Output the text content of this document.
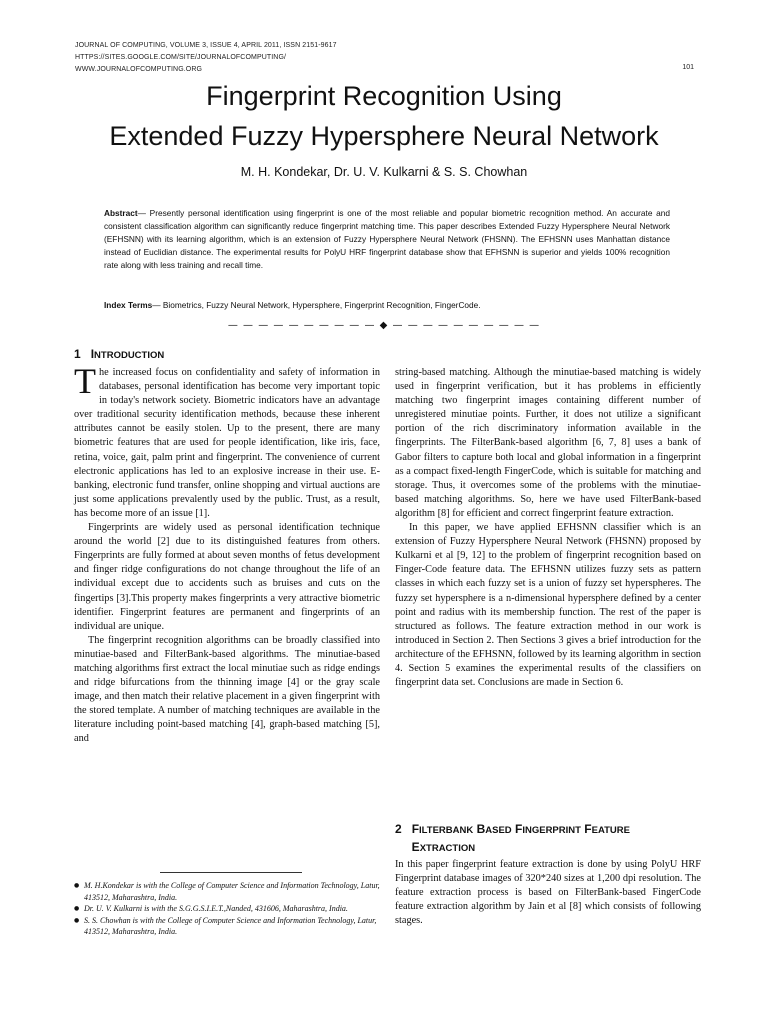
JOURNAL OF COMPUTING, VOLUME 3, ISSUE 4, APRIL 2011, ISSN 2151-9617
HTTPS://SITES.GOOGLE.COM/SITE/JOURNALOFCOMPUTING/
WWW.JOURNALOFCOMPUTING.ORG	101
Fingerprint Recognition Using
Extended Fuzzy Hypersphere Neural Network
M. H. Kondekar, Dr. U. V. Kulkarni & S. S. Chowhan
Abstract— Presently personal identification using fingerprint is one of the most reliable and popular biometric recognition method. An accurate and consistent classification algorithm can significantly reduce fingerprint matching time. This paper describes Extended Fuzzy Hypersphere Neural Network (EFHSNN) with its learning algorithm, which is an extension of Fuzzy Hypersphere Neural Network (FHSNN). The EFHSNN uses Manhattan distance instead of Euclidian distance. The experimental results for PolyU HRF fingerprint database show that EFHSNN is superior and yields 100% recognition rate along with less training and recall time.
Index Terms— Biometrics, Fuzzy Neural Network, Hypersphere, Fingerprint Recognition, FingerCode.
— — — — — — — — — — ◆ — — — — — — — — — —
1 INTRODUCTION

The increased focus on confidentiality and safety of information in databases, personal identification has become very important topic in today's network society. Biometric indicators have an advantage over traditional security identification methods, because these inherent attributes cannot be easily stolen. Up to the present, there are many biometric features that are used for people identification, like iris, face, retina, voice, gait, palm print and fingerprint. The convenience of current electronic applications has led to an explosive increase in their use. E-banking, electronic fund transfer, online shopping and virtual auctions are just some applications prevalently used by the public. Trust, as a result, has become more of an issue [1].

Fingerprints are widely used as personal identification technique around the world [2] due to its distinguished features from others. Fingerprints are fully formed at about seven months of fetus development and finger ridge configurations do not change throughout the life of an individual except due to accidents such as bruises and cuts on the fingertips [3].This property makes fingerprints a very attractive biometric identifier. Fingerprint features are permanent and fingerprints of an individual are unique.

The fingerprint recognition algorithms can be broadly classified into minutiae-based and FilterBank-based algorithms. The minutiae-based matching algorithms first extract the local minutiae such as ridge endings and ridge bifurcations from the thinning image [4] or the gray scale image, and then match their relative placement in a given fingerprint with the stored template. A number of matching techniques are available in the literature including point-based matching [4], graph-based matching [5], and

string-based matching. Although the minutiae-based matching is widely used in fingerprint verification, but it has problems in efficiently matching two fingerprint images containing different number of unregistered minutiae points. Further, it does not utilize a significant portion of the rich discriminatory information available in the fingerprints. The FilterBank-based algorithm [6, 7, 8] uses a bank of Gabor filters to capture both local and global information in a fingerprint as a compact fixed-length FingerCode, which is suitable for matching and storage. Thus, it overcomes some of the problems with the minutiae-based matching algorithms. So, here we have used FilterBank-based algorithm [8] for efficient and correct fingerprint feature extraction.

In this paper, we have applied EFHSNN classifier which is an extension of Fuzzy Hypersphere Neural Network (FHSNN) proposed by Kulkarni et al [9, 12] to the problem of fingerprint recognition based on Finger-Code feature data. The EFHSNN utilizes fuzzy sets as pattern classes in which each fuzzy set is a union of fuzzy set hyperspheres. The fuzzy set hypersphere is a n-dimensional hypersphere defined by a center point and radius with its membership function. The rest of the paper is structured as follows. The feature extraction method in our work is introduced in Section 2. Then Sections 3 gives a brief introduction for the architecture of the EFHSNN, followed by its learning algorithm in section 4. Section 5 examines the experimental results of the classifiers on fingerprint data set. Conclusions are made in Section 6.

2 FILTERBANK BASED FINGERPRINT FEATURE
EXTRACTION

In this paper fingerprint feature extraction is done by using PolyU HRF Fingerprint database images of 320*240 sizes at 1,200 dpi resolution. The feature extraction process is based on FilterBank-based FingerCode feature extraction algorithm by Jain et al [8] which consists of following stages.

● M. H.Kondekar is with the College of Computer Science and Information Technology, Latur, 413512, Maharashtra, India.
● Dr. U. V. Kulkarni is with the S.G.G.S.I.E.T.,Nanded, 431606, Maharashtra, India.
● S. S. Chowhan is with the College of Computer Science and Information Technology, Latur, 413512, Maharashtra, India.
